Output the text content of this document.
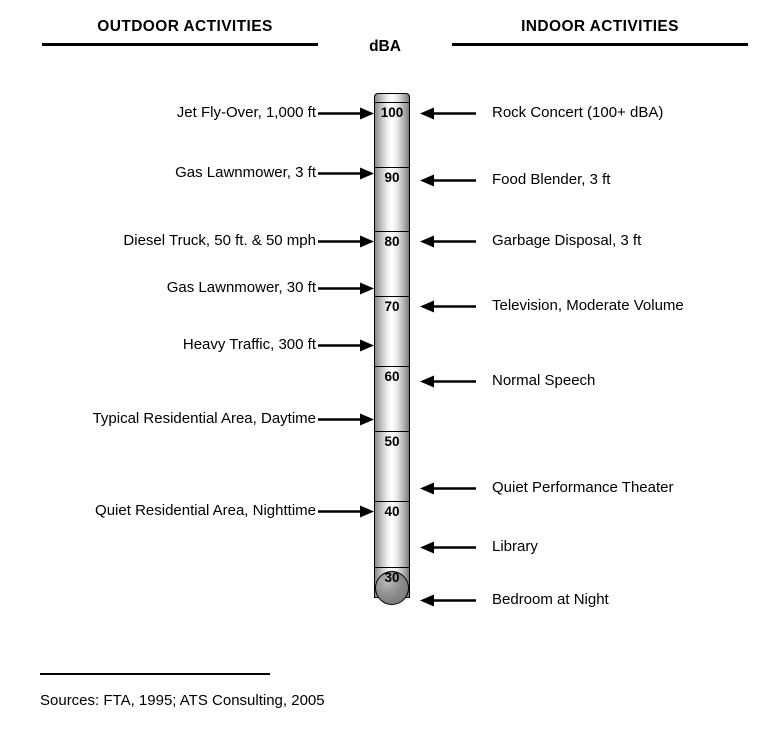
OUTDOOR ACTIVITIES	INDOOR ACTIVITIES
dBA
100
90
80
70
60
50
40
30
Jet Fly-Over, 1,000 ft
Gas Lawnmower, 3 ft
Diesel Truck, 50 ft. & 50 mph
Gas Lawnmower, 30 ft
Heavy Traffic, 300 ft
Typical Residential Area, Daytime
Quiet Residential Area, Nighttime
Rock Concert (100+ dBA)
Food Blender, 3 ft
Garbage Disposal, 3 ft
Television, Moderate Volume
Normal Speech
Quiet Performance Theater
Library
Bedroom at Night
Sources: FTA, 1995; ATS Consulting, 2005
